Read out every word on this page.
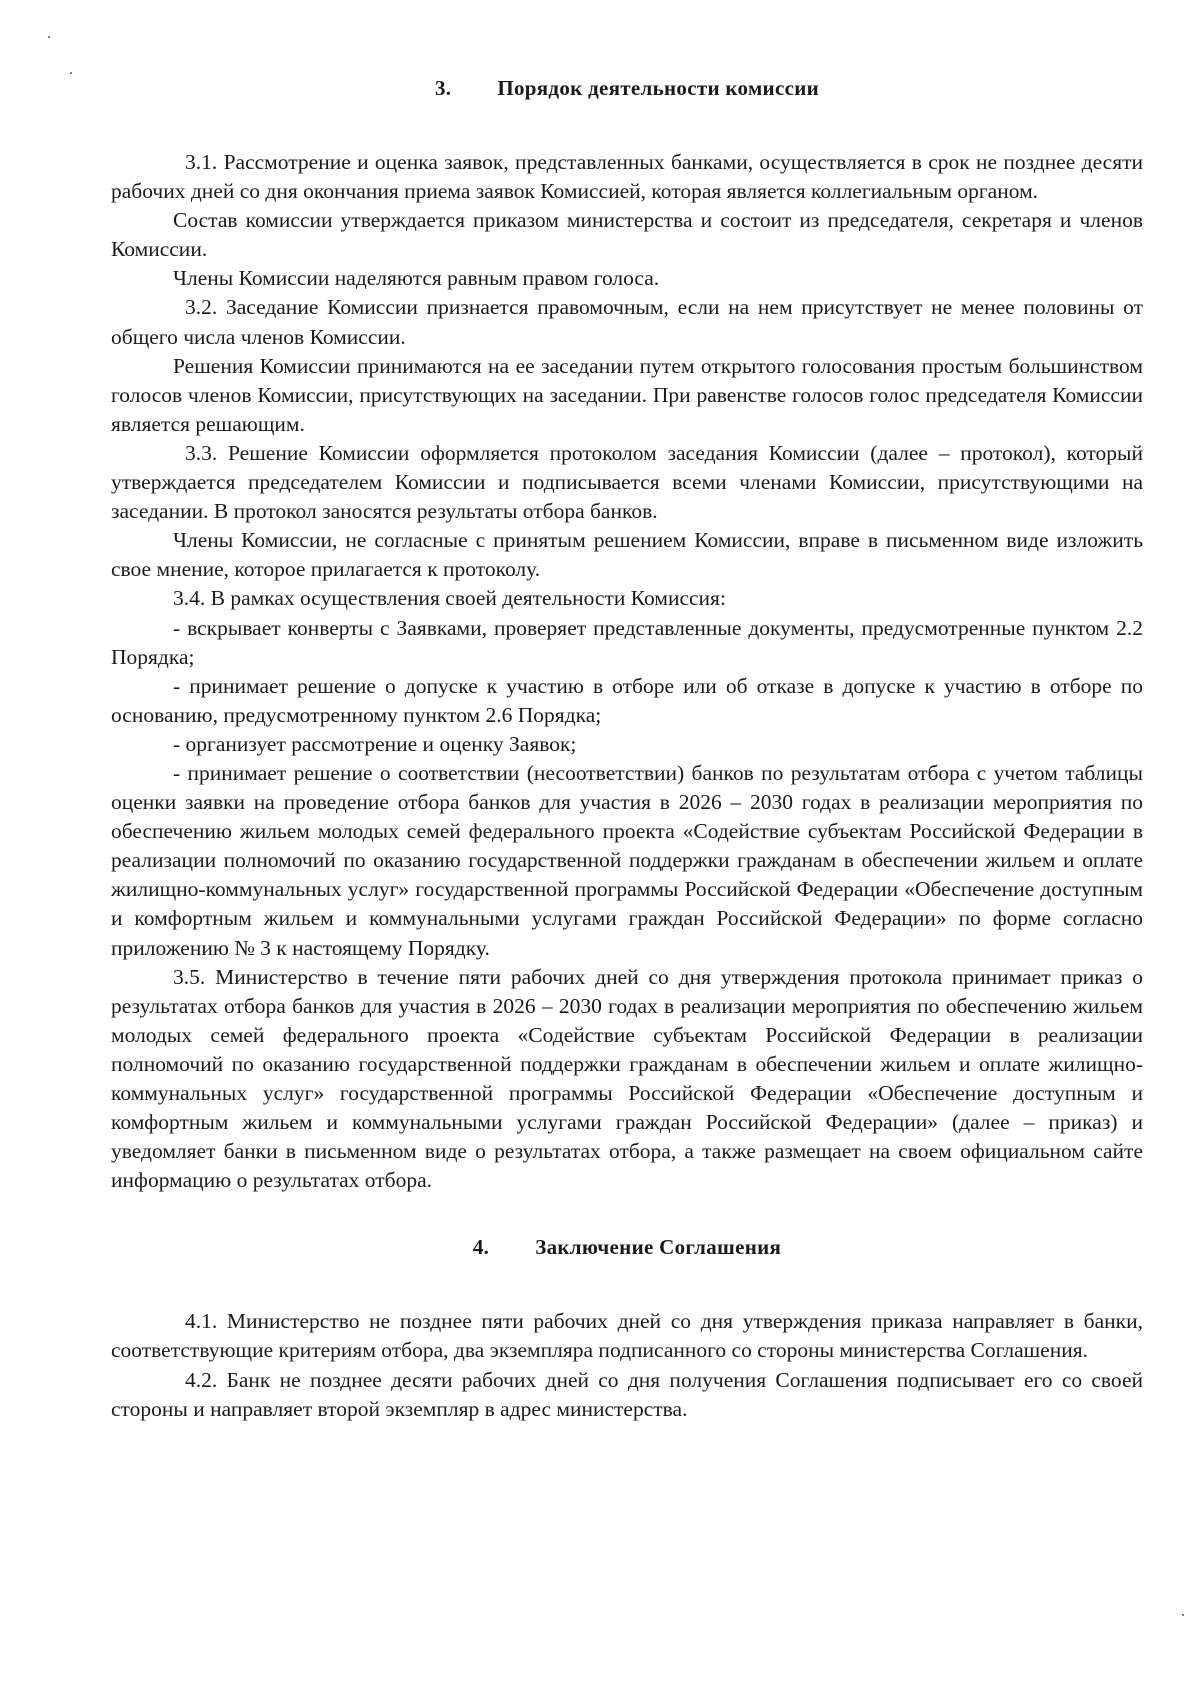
3. Порядок деятельности комиссии

3.1. Рассмотрение и оценка заявок, представленных банками, осуществляется в срок не позднее десяти рабочих дней со дня окончания приема заявок Комиссией, которая является коллегиальным органом.

Состав комиссии утверждается приказом министерства и состоит из председателя, секретаря и членов Комиссии.

Члены Комиссии наделяются равным правом голоса.

3.2. Заседание Комиссии признается правомочным, если на нем присутствует не менее половины от общего числа членов Комиссии.

Решения Комиссии принимаются на ее заседании путем открытого голосования простым большинством голосов членов Комиссии, присутствующих на заседании. При равенстве голосов голос председателя Комиссии является решающим.

3.3. Решение Комиссии оформляется протоколом заседания Комиссии (далее – протокол), который утверждается председателем Комиссии и подписывается всеми членами Комиссии, присутствующими на заседании. В протокол заносятся результаты отбора банков.

Члены Комиссии, не согласные с принятым решением Комиссии, вправе в письменном виде изложить свое мнение, которое прилагается к протоколу.

3.4. В рамках осуществления своей деятельности Комиссия:

- вскрывает конверты с Заявками, проверяет представленные документы, предусмотренные пунктом 2.2 Порядка;

- принимает решение о допуске к участию в отборе или об отказе в допуске к участию в отборе по основанию, предусмотренному пунктом 2.6 Порядка;

- организует рассмотрение и оценку Заявок;

- принимает решение о соответствии (несоответствии) банков по результатам отбора с учетом таблицы оценки заявки на проведение отбора банков для участия в 2026 – 2030 годах в реализации мероприятия по обеспечению жильем молодых семей федерального проекта «Содействие субъектам Российской Федерации в реализации полномочий по оказанию государственной поддержки гражданам в обеспечении жильем и оплате жилищно-коммунальных услуг» государственной программы Российской Федерации «Обеспечение доступным и комфортным жильем и коммунальными услугами граждан Российской Федерации» по форме согласно приложению № 3 к настоящему Порядку.

3.5. Министерство в течение пяти рабочих дней со дня утверждения протокола принимает приказ о результатах отбора банков для участия в 2026 – 2030 годах в реализации мероприятия по обеспечению жильем молодых семей федерального проекта «Содействие субъектам Российской Федерации в реализации полномочий по оказанию государственной поддержки гражданам в обеспечении жильем и оплате жилищно-коммунальных услуг» государственной программы Российской Федерации «Обеспечение доступным и комфортным жильем и коммунальными услугами граждан Российской Федерации» (далее – приказ) и уведомляет банки в письменном виде о результатах отбора, а также размещает на своем официальном сайте информацию о результатах отбора.

4. Заключение Соглашения

4.1. Министерство не позднее пяти рабочих дней со дня утверждения приказа направляет в банки, соответствующие критериям отбора, два экземпляра подписанного со стороны министерства Соглашения.

4.2. Банк не позднее десяти рабочих дней со дня получения Соглашения подписывает его со своей стороны и направляет второй экземпляр в адрес министерства.
